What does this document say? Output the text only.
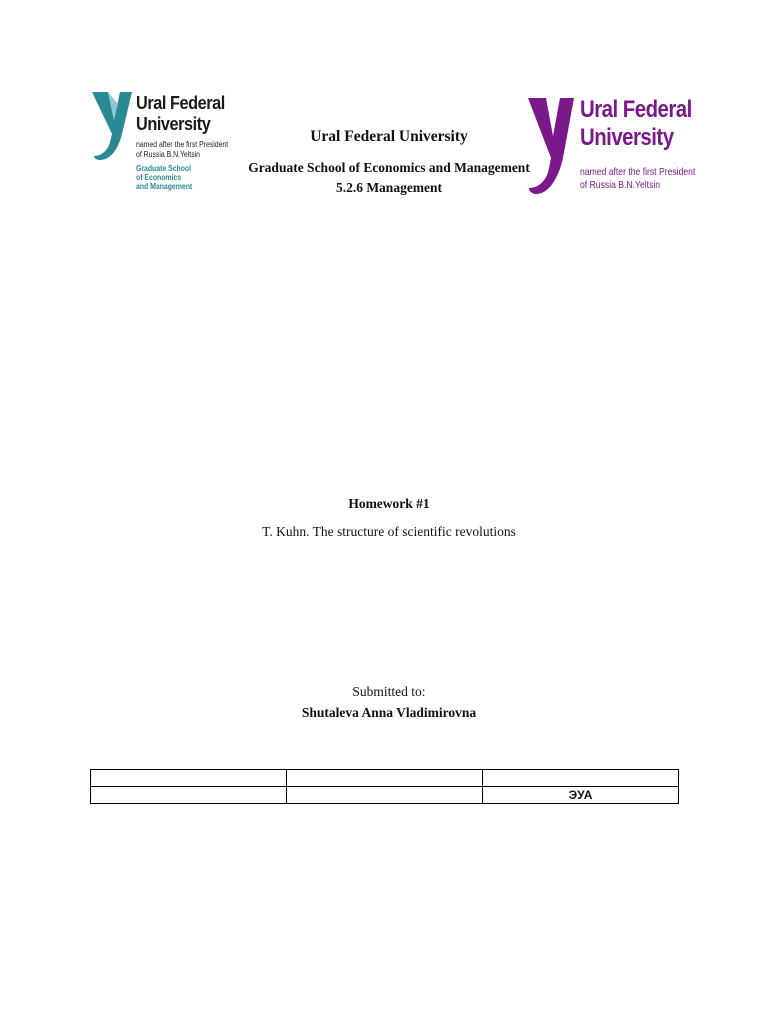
Ural Federal
University
named after the first President
of Russia B.N.Yeltsin
Graduate School
of Economics
and Management
Ural Federal
University
named after the first President
of Russia B.N.Yeltsin
Ural Federal University
Graduate School of Economics and Management
5.2.6 Management
Homework #1
T. Kuhn. The structure of scientific revolutions
Submitted to:
Shutaleva Anna Vladimirovna

		ЭУА
